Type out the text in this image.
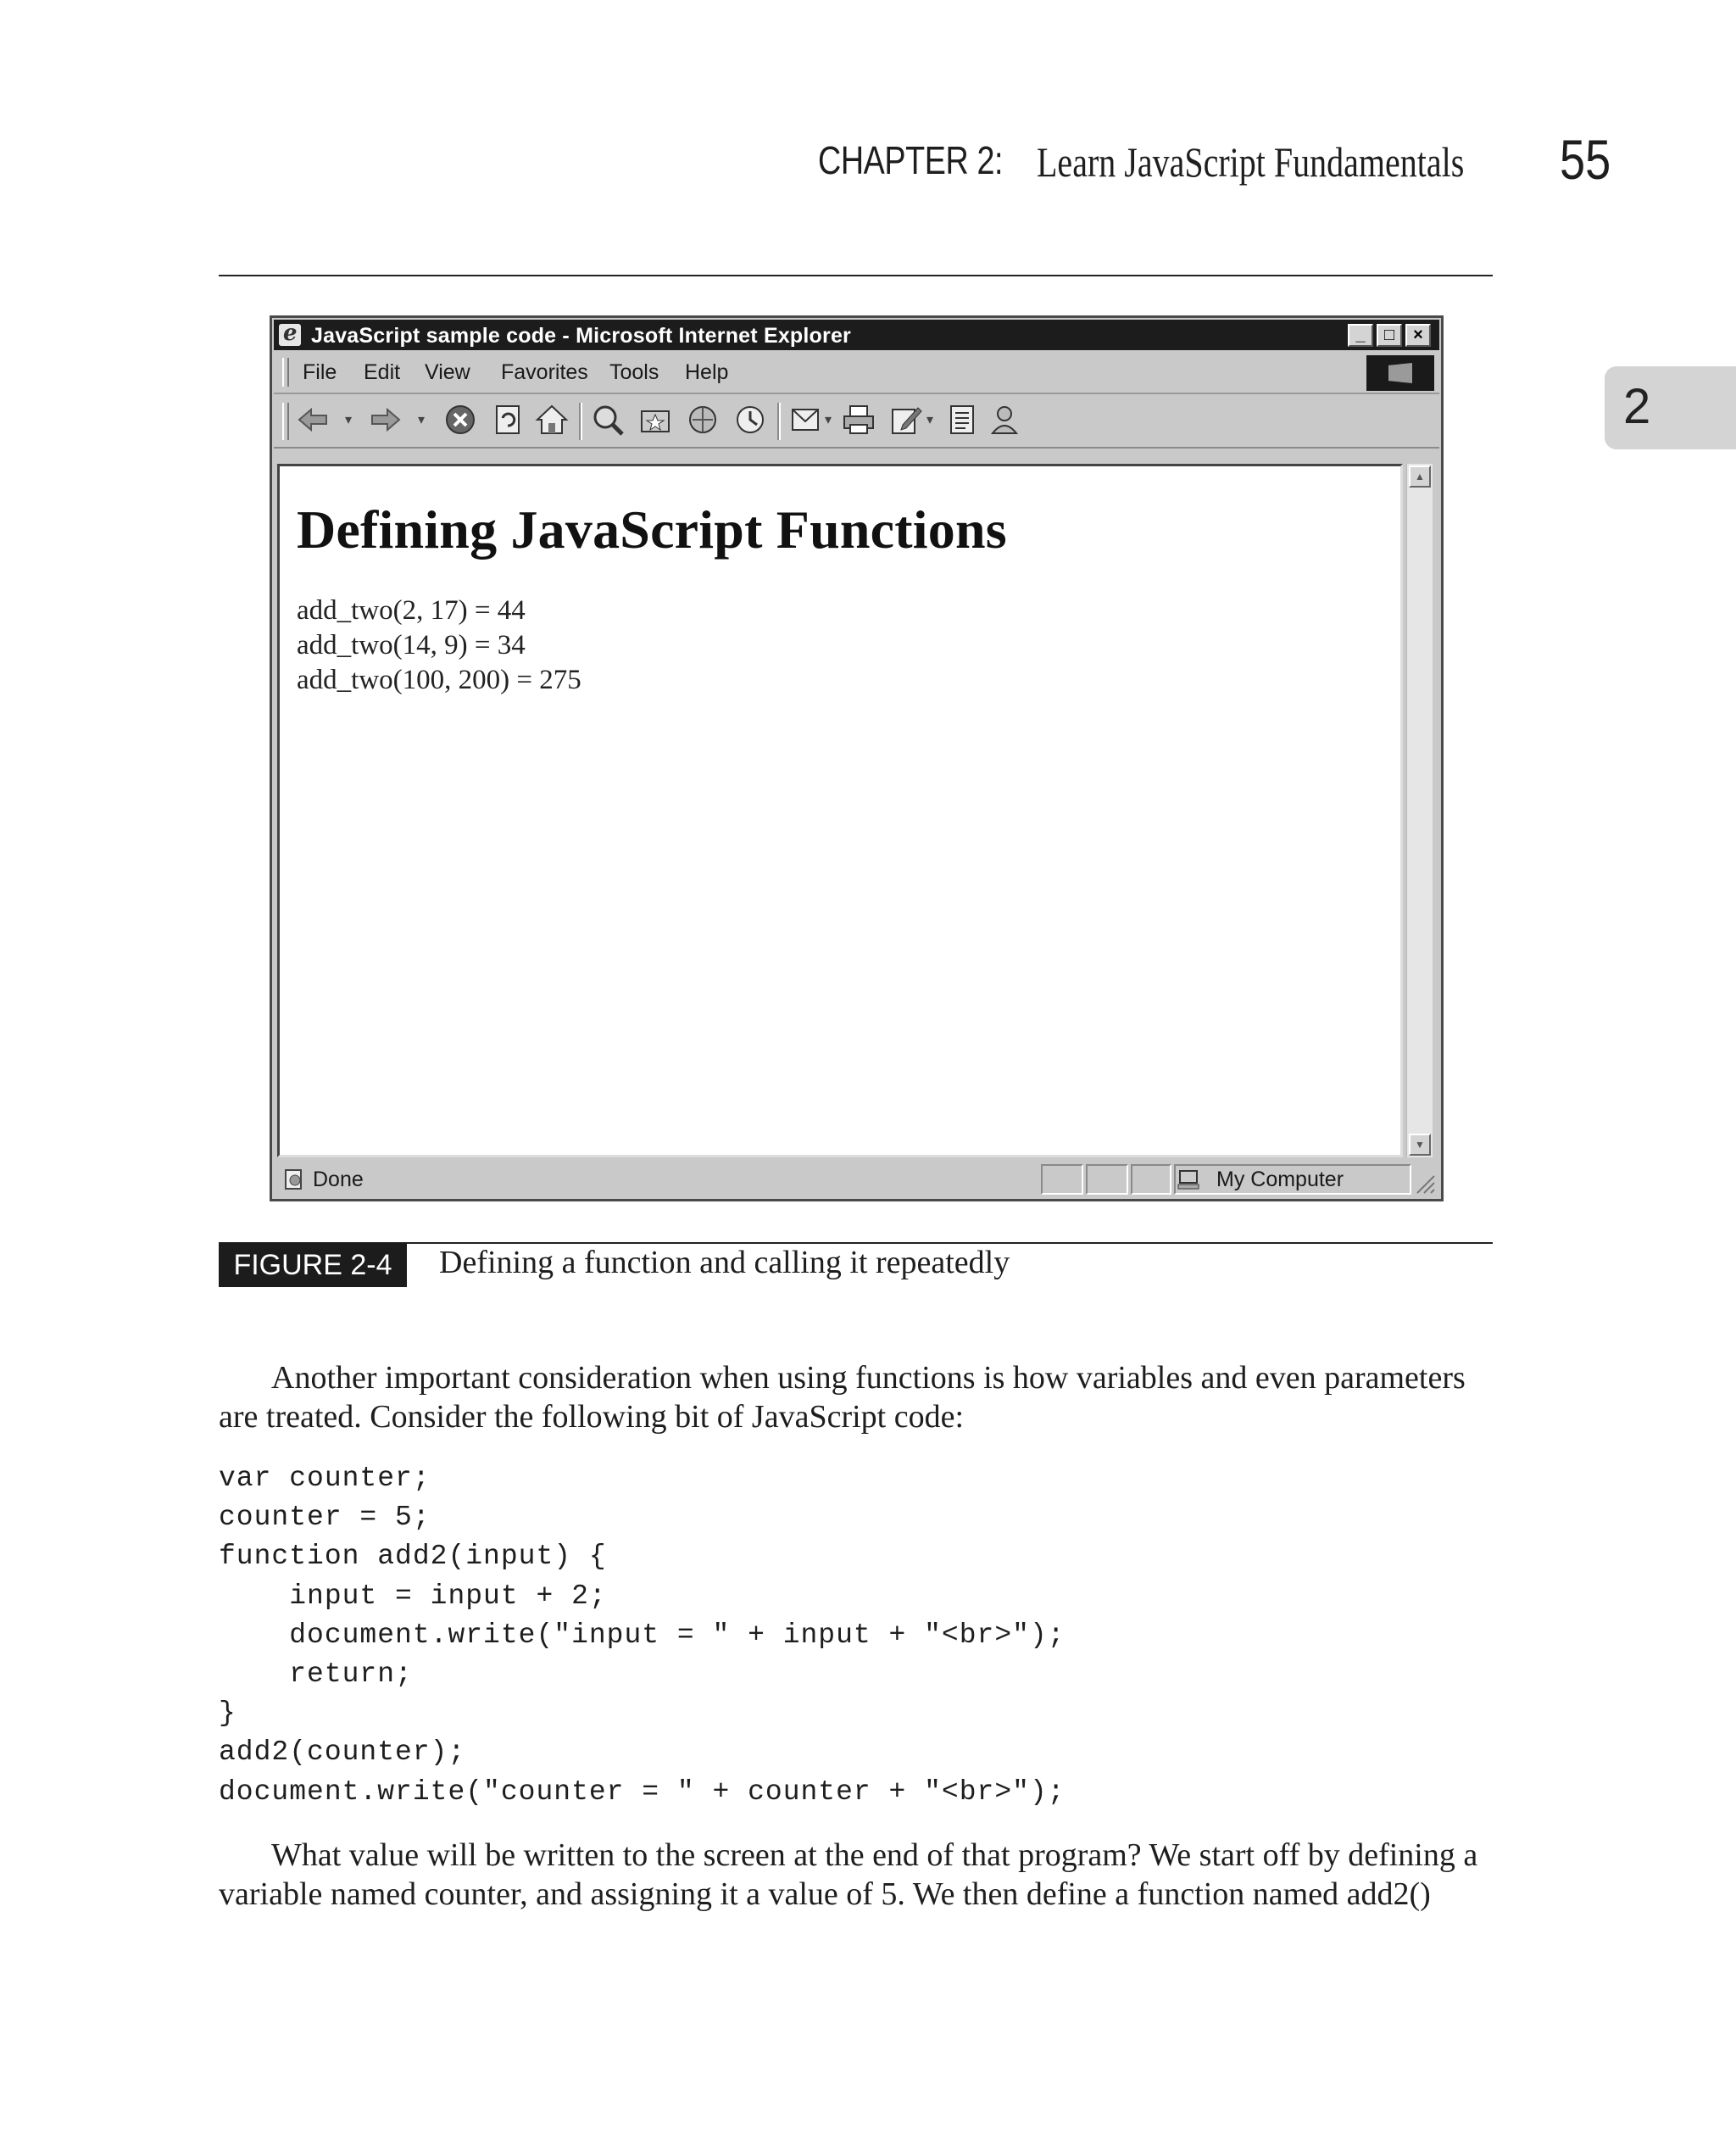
CHAPTER 2: Learn JavaScript Fundamentals 55
2
e
JavaScript sample code - Microsoft Internet Explorer	_	□	×
File Edit View Favorites Tools Help
▾	▾	▾	▾
Defining JavaScript Functions
add_two(2, 17) = 44
add_two(14, 9) = 34
add_two(100, 200) = 275
▲
▼
Done	My Computer
FIGURE 2-4	Defining a function and calling it repeatedly

Another important consideration when using functions is how variables and even parameters are treated. Consider the following bit of JavaScript code:

var counter;
counter = 5;
function add2(input) {
input = input + 2;
document.write("input = " + input + "<br>");
return;
}
add2(counter);
document.write("counter = " + counter + "<br>");

What value will be written to the screen at the end of that program? We start off by defining a variable named counter, and assigning it a value of 5. We then define a function named add2()
